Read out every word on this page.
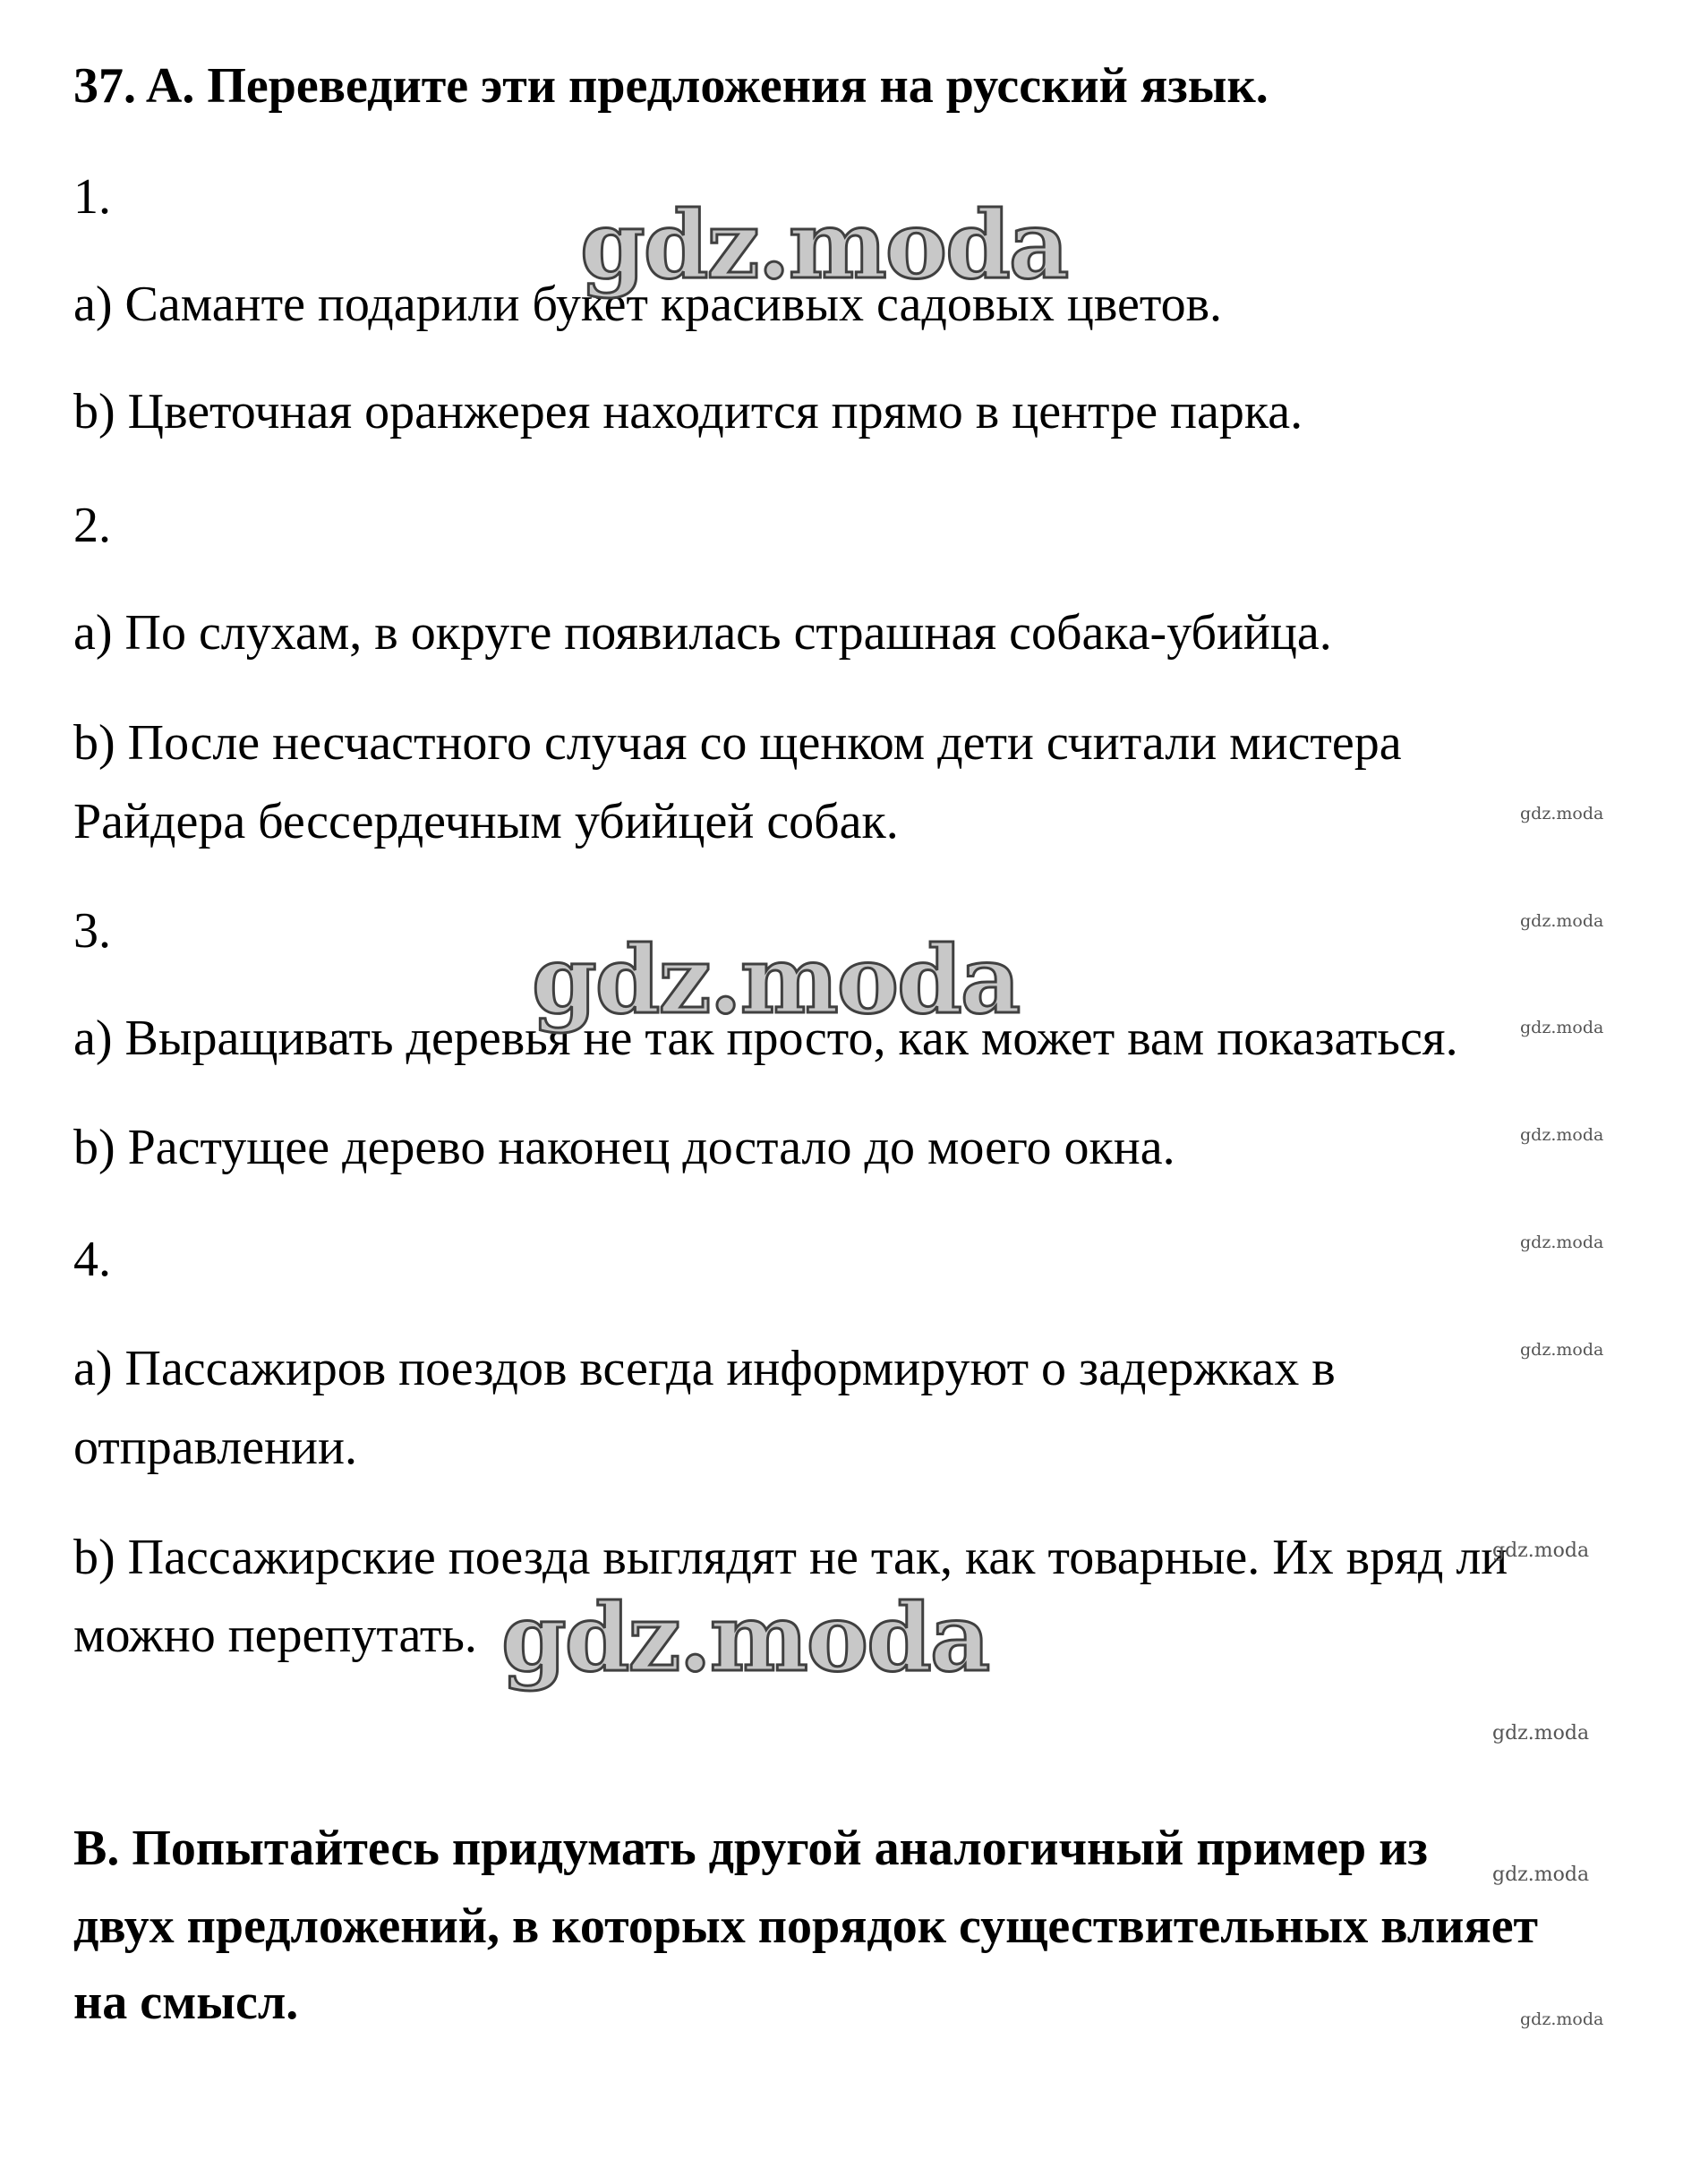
37. A. Переведите эти предложения на русский язык.
1.
a) Саманте подарили букет красивых садовых цветов.
b) Цветочная оранжерея находится прямо в центре парка.
2.
a) По слухам, в округе появилась страшная собака-убийца.
b) После несчастного случая со щенком дети считали мистера
Райдера бессердечным убийцей собак.
3.
a) Выращивать деревья не так просто, как может вам показаться.
b) Растущее дерево наконец достало до моего окна.
4.
a) Пассажиров поездов всегда информируют о задержках в
отправлении.
b) Пассажирские поезда выглядят не так, как товарные. Их вряд ли
можно перепутать.
B. Попытайтесь придумать другой аналогичный пример из
двух предложений, в которых порядок существительных влияет
на смысл.
gdz.moda
gdz.moda
gdz.moda
gdz.moda
gdz.moda
gdz.moda
gdz.moda
gdz.moda
gdz.moda
gdz.moda
gdz.moda
gdz.moda
gdz.moda
